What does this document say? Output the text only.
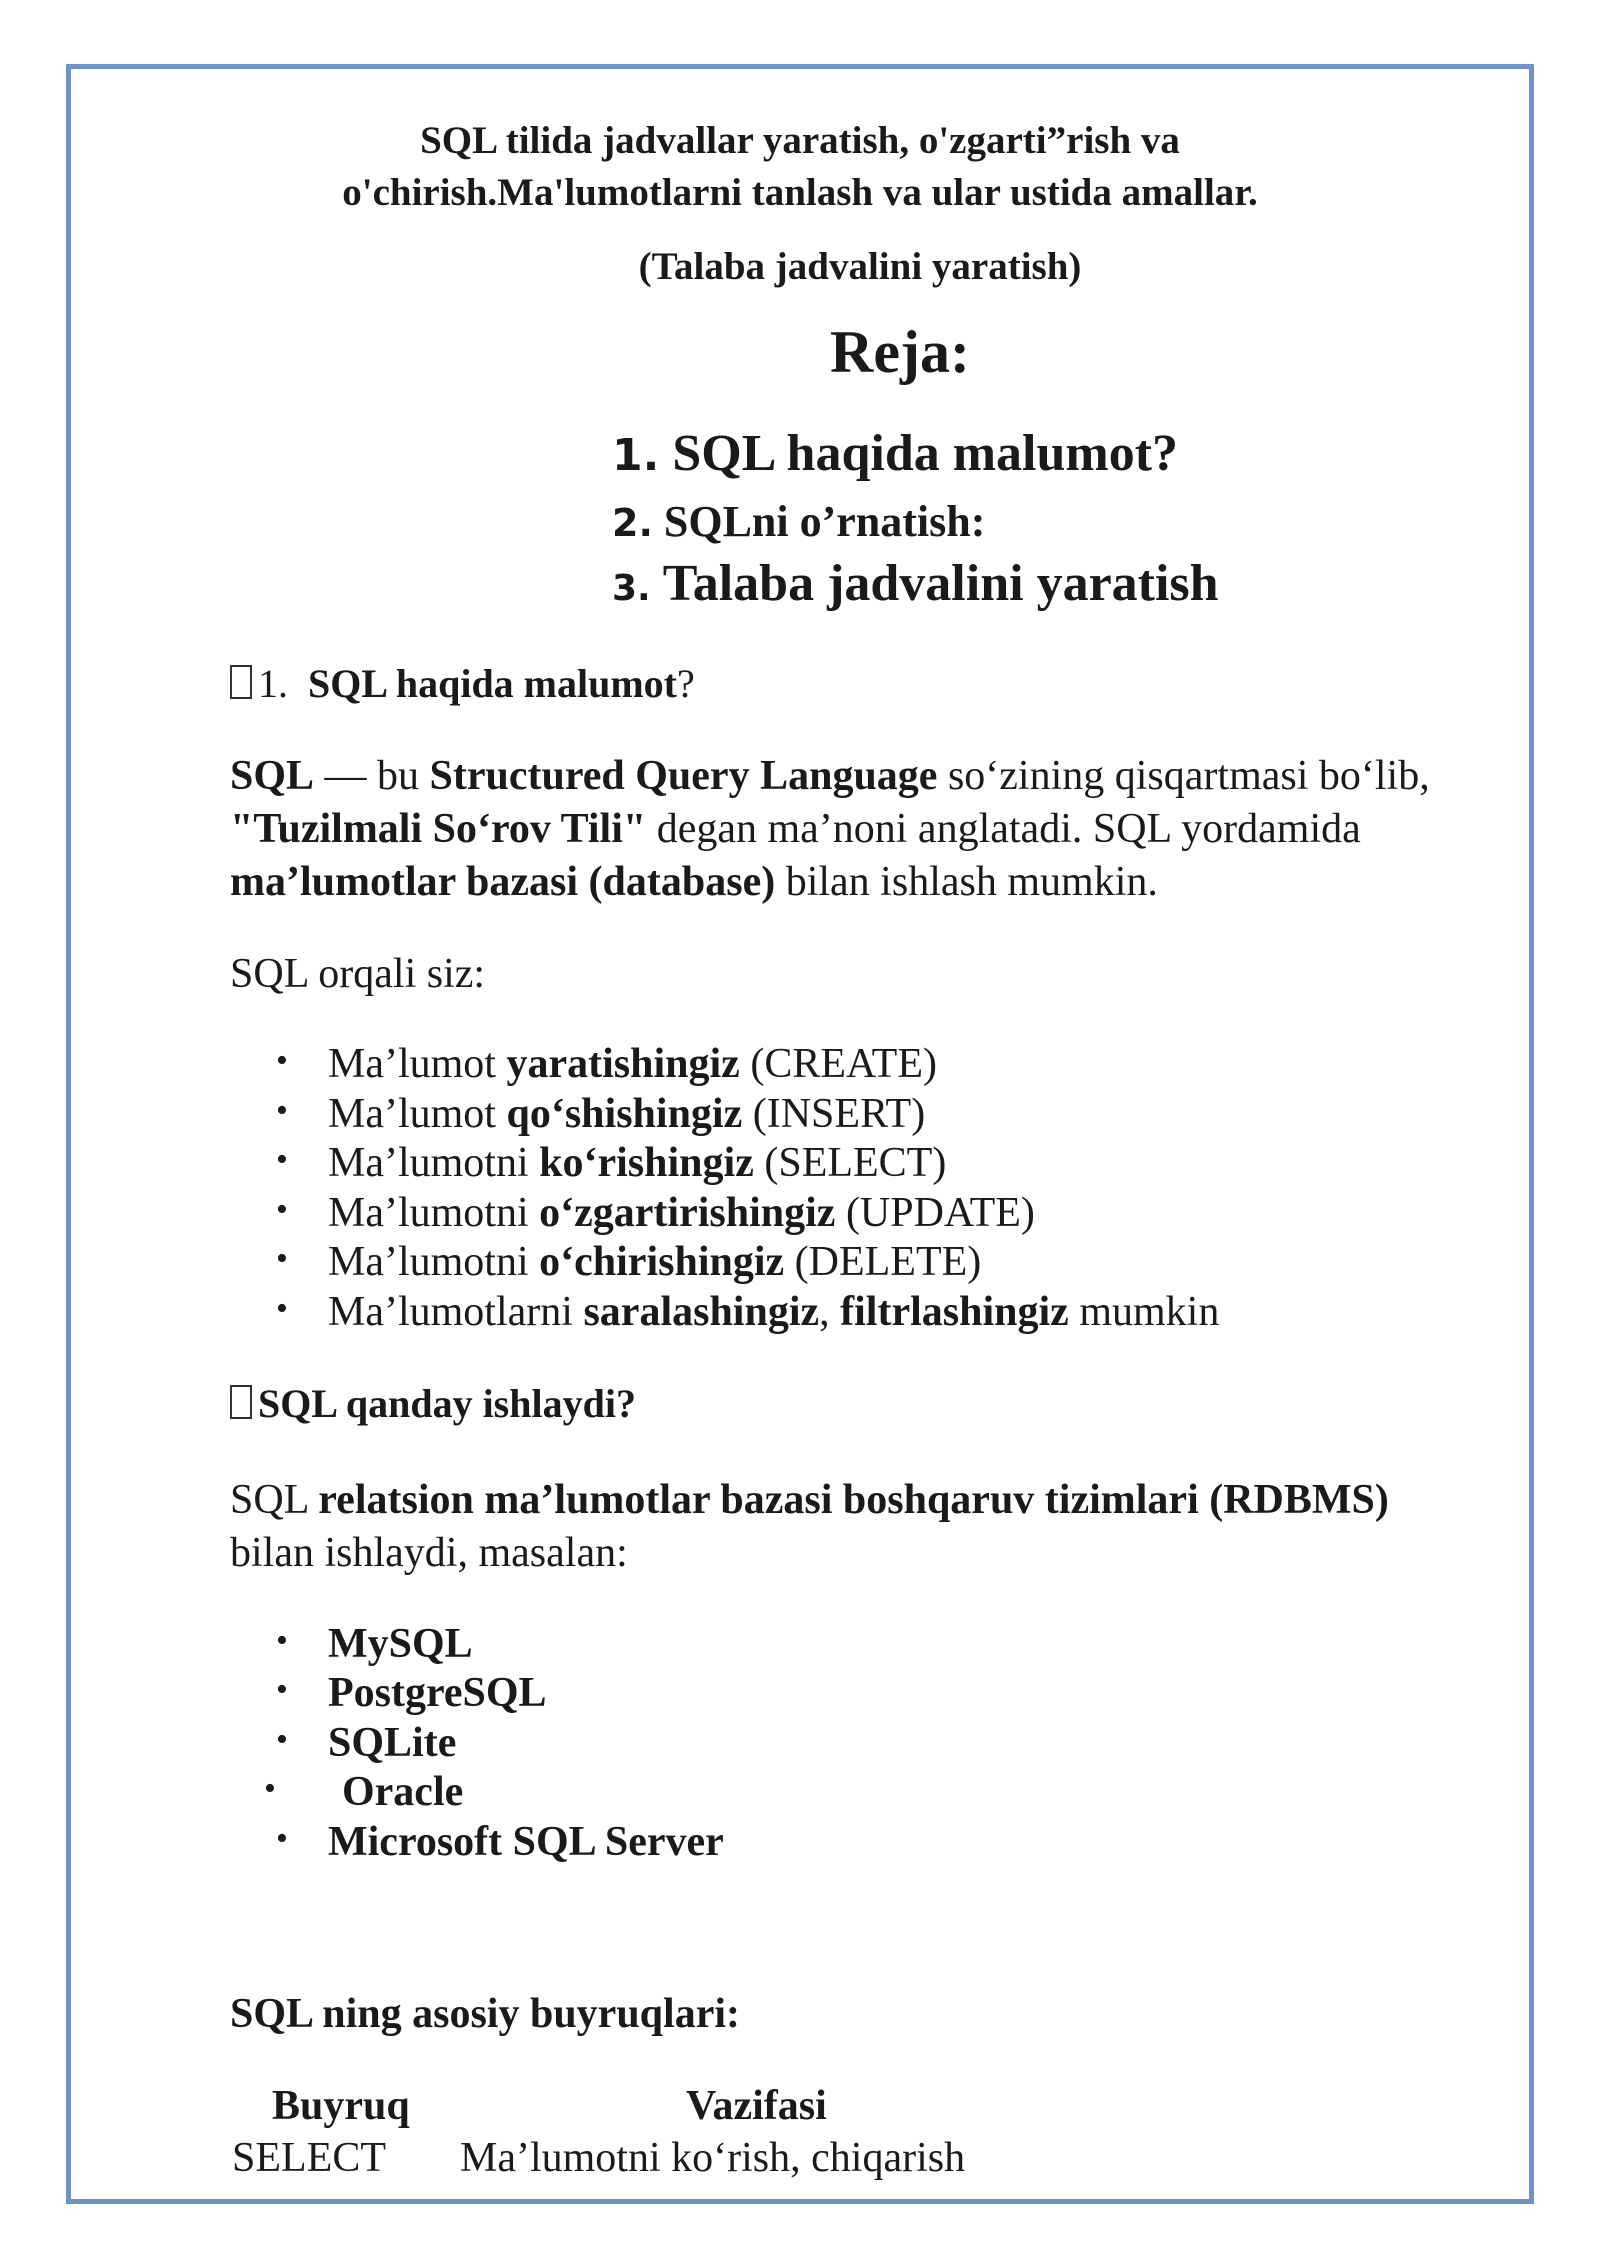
SQL tilida jadvallar yaratish, o'zgarti”rish va
o'chirish.Ma'lumotlarni tanlash va ular ustida amallar.
(Talaba jadvalini yaratish)
Reja:
1. SQL haqida malumot?
2. SQLni o’rnatish:
3. Talaba jadvalini yaratish
1. SQL haqida malumot?
SQL — bu Structured Query Language so‘zining qisqartmasi bo‘lib,
"Tuzilmali So‘rov Tili" degan ma’noni anglatadi. SQL yordamida
ma’lumotlar bazasi (database) bilan ishlash mumkin.
SQL orqali siz:
• Ma’lumot yaratishingiz (CREATE)
• Ma’lumot qo‘shishingiz (INSERT)
• Ma’lumotni ko‘rishingiz (SELECT)
• Ma’lumotni o‘zgartirishingiz (UPDATE)
• Ma’lumotni o‘chirishingiz (DELETE)
• Ma’lumotlarni saralashingiz, filtrlashingiz mumkin
SQL qanday ishlaydi?
SQL relatsion ma’lumotlar bazasi boshqaruv tizimlari (RDBMS)
bilan ishlaydi, masalan:
• MySQL
• PostgreSQL
• SQLite
• Oracle
• Microsoft SQL Server
SQL ning asosiy buyruqlari:
Buyruq	Vazifasi
SELECT Ma’lumotni ko‘rish, chiqarish
